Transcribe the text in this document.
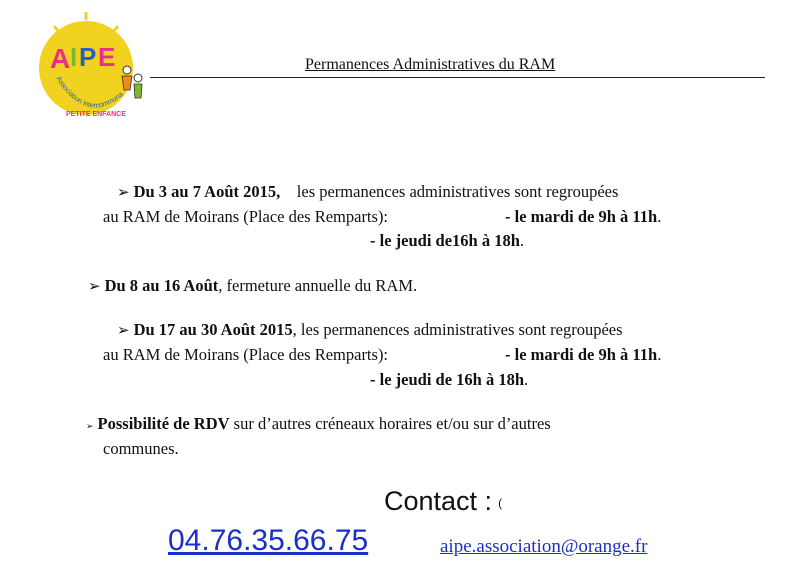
A I P E
Association Intercommuna
PETITE ENFANCE
Permanences Administratives du RAM
➢ Du 3 au 7 Août 2015, les permanences administratives sont regroupées
au RAM de Moirans (Place des Remparts):	- le mardi de 9h à 11h.
- le jeudi de16h à 18h.
➢ Du 8 au 16 Août, fermeture annuelle du RAM.
➢ Du 17 au 30 Août 2015, les permanences administratives sont regroupées
au RAM de Moirans (Place des Remparts):	- le mardi de 9h à 11h.
- le jeudi de 16h à 18h.
➢ Possibilité de RDV sur d’autres créneaux horaires et/ou sur d’autres
communes.
Contact : (
04.76.35.66.75	aipe.association@orange.fr
